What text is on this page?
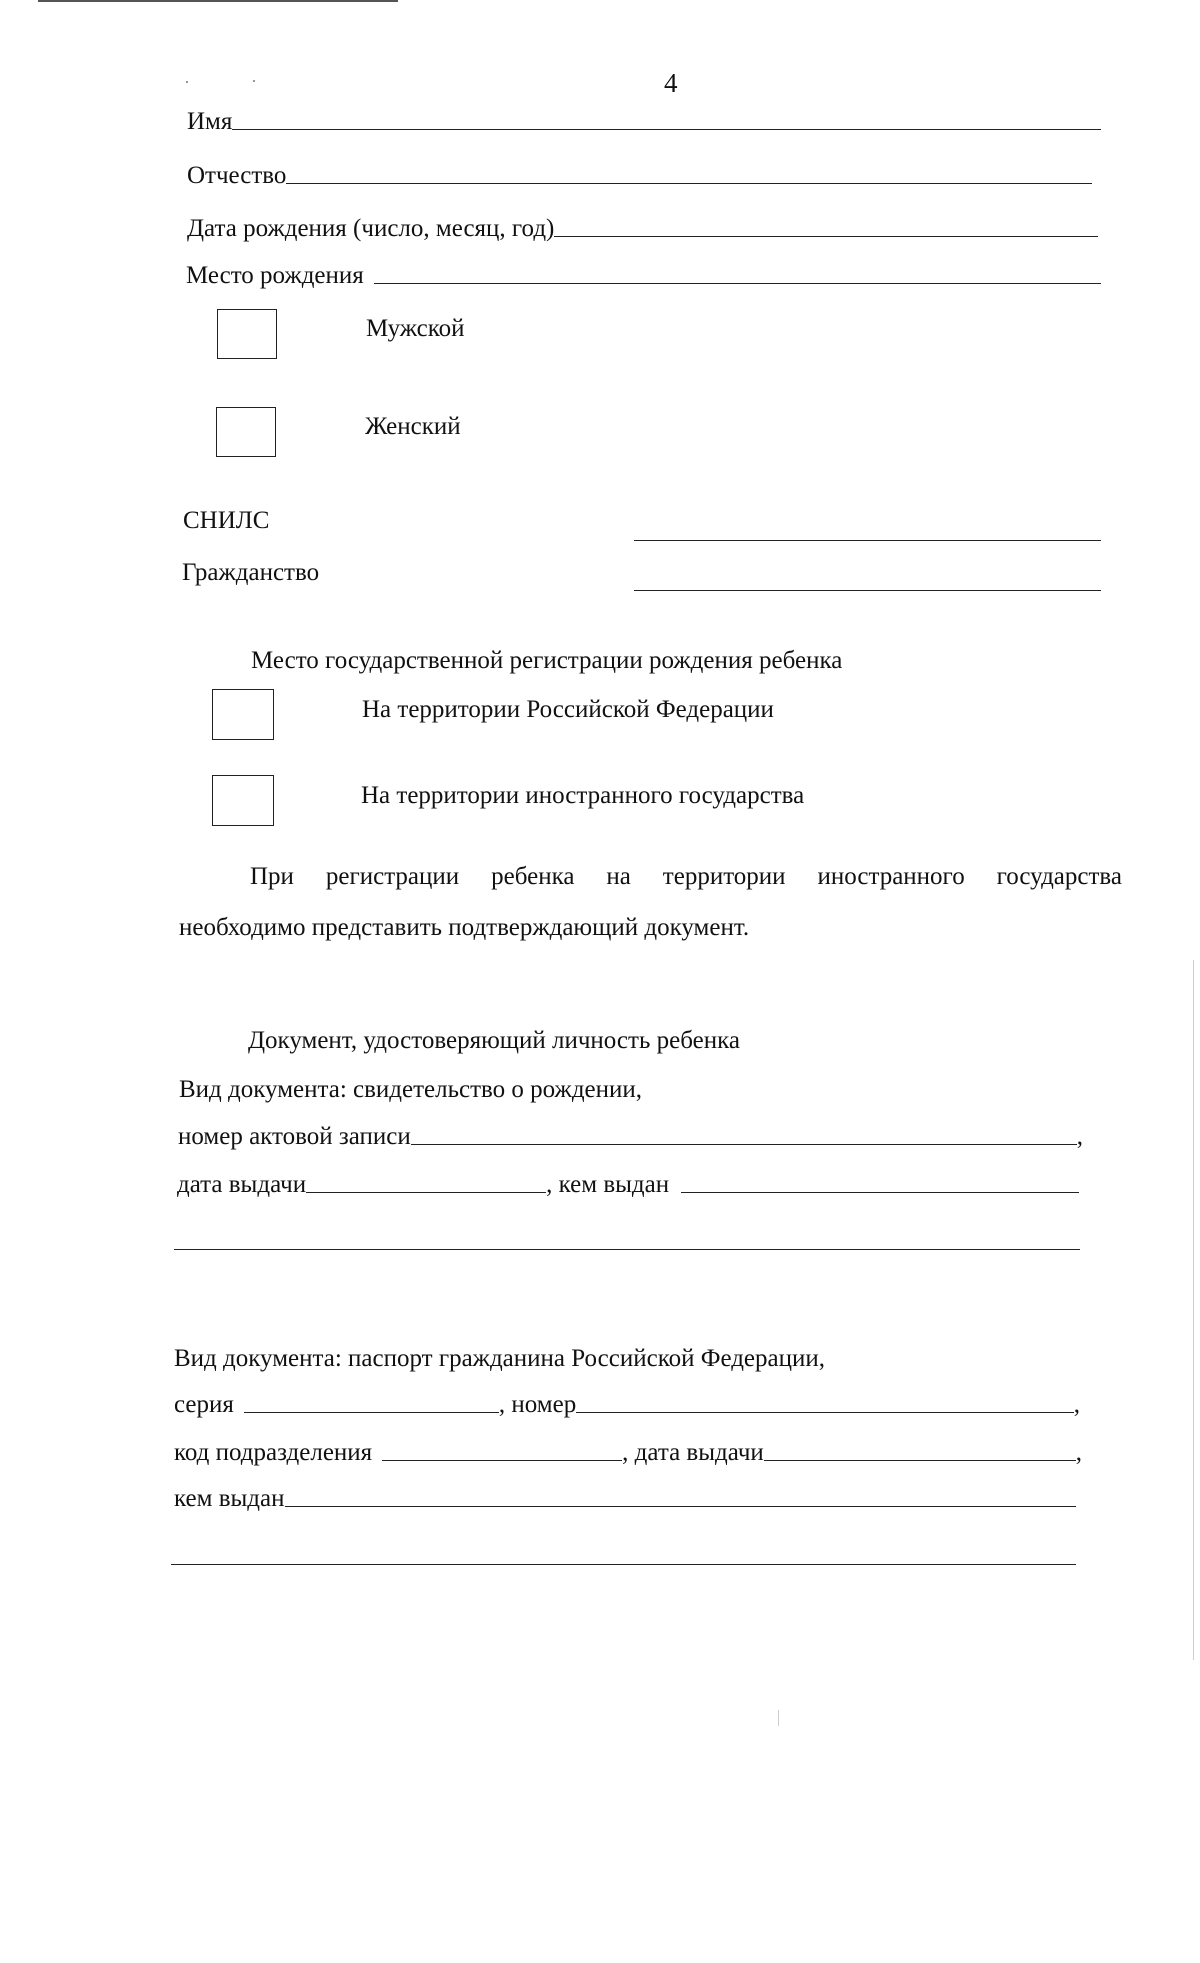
4
Имя
Отчество
Дата рождения (число, месяц, год)
Место рождения
Мужской
Женский
СНИЛС
Гражданство
Место государственной регистрации рождения ребенка
На территории Российской Федерации
На территории иностранного государства
При регистрации ребенка на территории иностранного государства
необходимо представить подтверждающий документ.
Документ, удостоверяющий личность ребенка
Вид документа: свидетельство о рождении,
номер актовой записи	,
дата выдачи	, кем выдан
Вид документа: паспорт гражданина Российской Федерации,
серия	, номер	,
код подразделения	, дата выдачи	,
кем выдан
